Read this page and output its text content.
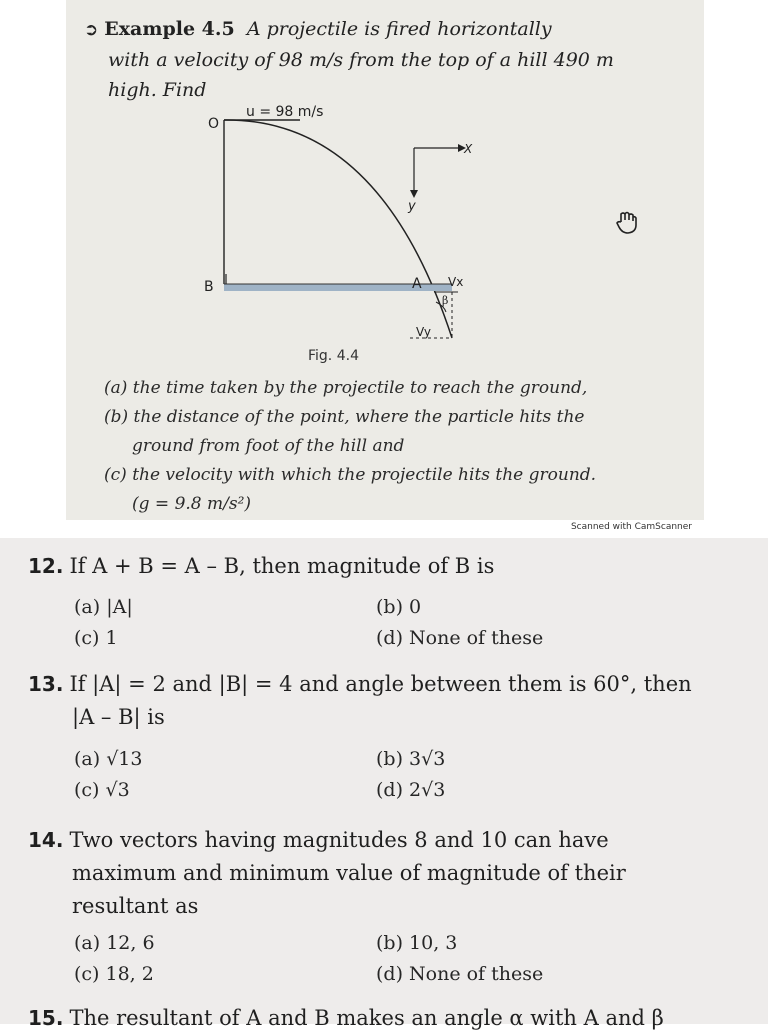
➲ Example 4.5 A projectile is fired horizontally
with a velocity of 98 m/s from the top of a hill 490 m
high. Find
O
u = 98 m/s
B	A
X
y
Vx
Vy
β
Fig. 4.4
(a) the time taken by the projectile to reach the ground,
(b) the distance of the point, where the particle hits the
ground from foot of the hill and
(c) the velocity with which the projectile hits the ground.
(g = 9.8 m/s²)
Scanned with CamScanner
12. If A + B = A – B, then magnitude of B is
(a) |A|	(b) 0
(c) 1	(d) None of these
13. If |A| = 2 and |B| = 4 and angle between them is 60°, then
|A – B| is
(a) √13	(b) 3√3
(c) √3	(d) 2√3
14. Two vectors having magnitudes 8 and 10 can have
maximum and minimum value of magnitude of their
resultant as
(a) 12, 6	(b) 10, 3
(c) 18, 2	(d) None of these
15. The resultant of A and B makes an angle α with A and β
